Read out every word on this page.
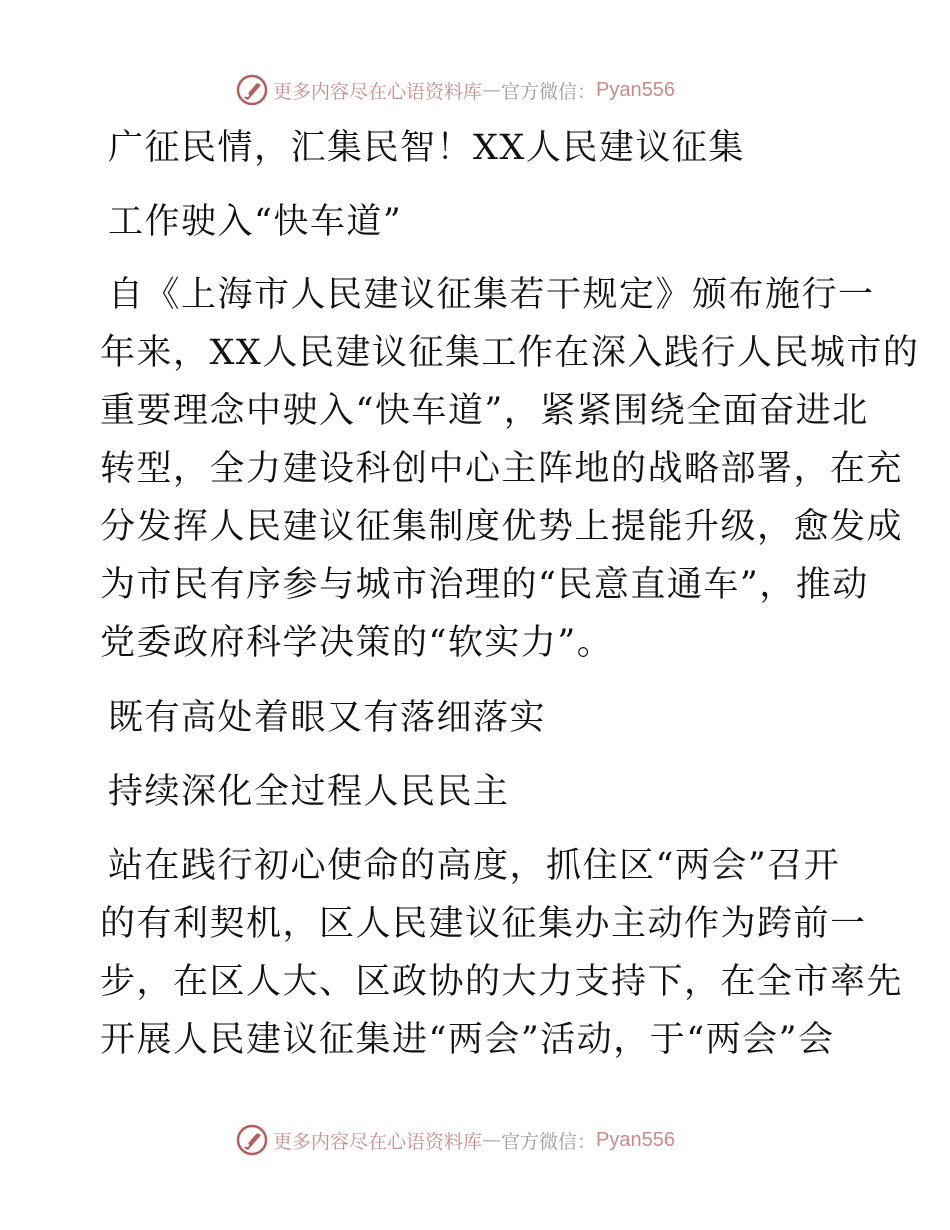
更多内容尽在心语资料库 — 官方微信： Pyan556
广征民情，汇集民智！XX人民建议征集
工作驶入“快车道”
自《上海市人民建议征集若干规定》颁布施行一
年来，XX人民建议征集工作在深入践行人民城市的
重要理念中驶入“快车道”，紧紧围绕全面奋进北
转型，全力建设科创中心主阵地的战略部署，在充
分发挥人民建议征集制度优势上提能升级，愈发成
为市民有序参与城市治理的“民意直通车”，推动
党委政府科学决策的“软实力”。
既有高处着眼又有落细落实
持续深化全过程人民民主
站在践行初心使命的高度，抓住区“两会”召开
的有利契机，区人民建议征集办主动作为跨前一
步，在区人大、区政协的大力支持下，在全市率先
开展人民建议征集进“两会”活动，于“两会”会
更多内容尽在心语资料库 — 官方微信： Pyan556
